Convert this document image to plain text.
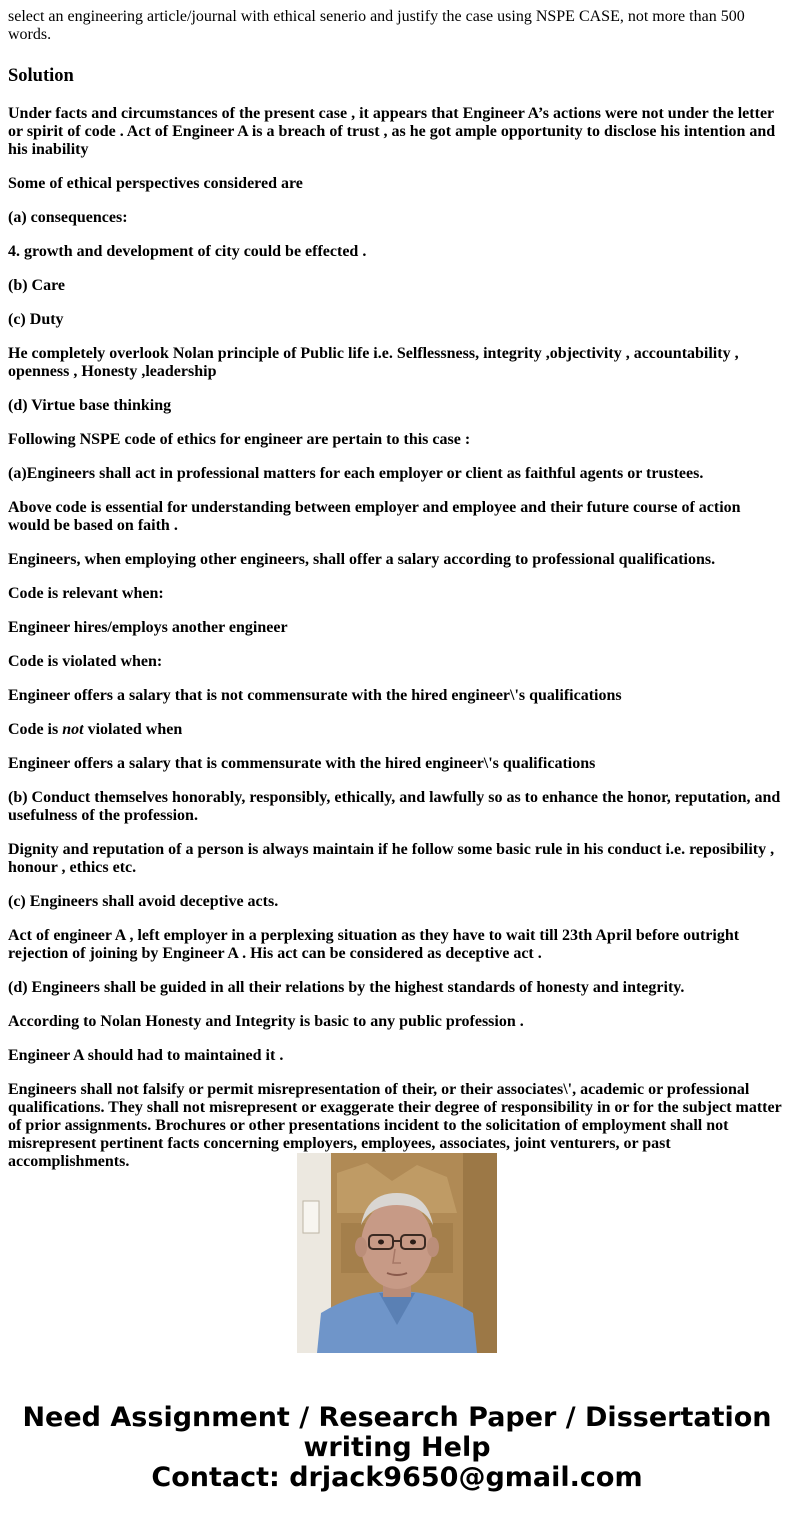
select an engineering article/journal with ethical senerio and justify the case using NSPE CASE, not more than 500 words.

Solution

Under facts and circumstances of the present case , it appears that Engineer A’s actions were not under the letter or spirit of code . Act of Engineer A is a breach of trust , as he got ample opportunity to disclose his intention and his inability

Some of ethical perspectives considered are

(a) consequences:

4. growth and development of city could be effected .

(b) Care

(c) Duty

He completely overlook Nolan principle of Public life i.e. Selflessness, integrity ,objectivity , accountability , openness , Honesty ,leadership

(d) Virtue base thinking

Following NSPE code of ethics for engineer are pertain to this case :

(a)Engineers shall act in professional matters for each employer or client as faithful agents or trustees.

Above code is essential for understanding between employer and employee and their future course of action would be based on faith .

Engineers, when employing other engineers, shall offer a salary according to professional qualifications.

Code is relevant when:

Engineer hires/employs another engineer

Code is violated when:

Engineer offers a salary that is not commensurate with the hired engineer\'s qualifications

Code is not violated when

Engineer offers a salary that is commensurate with the hired engineer\'s qualifications

(b) Conduct themselves honorably, responsibly, ethically, and lawfully so as to enhance the honor, reputation, and usefulness of the profession.

Dignity and reputation of a person is always maintain if he follow some basic rule in his conduct i.e. reposibility , honour , ethics etc.

(c) Engineers shall avoid deceptive acts.

Act of engineer A , left employer in a perplexing situation as they have to wait till 23th April before outright rejection of joining by Engineer A . His act can be considered as deceptive act .

(d) Engineers shall be guided in all their relations by the highest standards of honesty and integrity.

According to Nolan Honesty and Integrity is basic to any public profession .

Engineer A should had to maintained it .

Engineers shall not falsify or permit misrepresentation of their, or their associates\', academic or professional qualifications. They shall not misrepresent or exaggerate their degree of responsibility in or for the subject matter of prior assignments. Brochures or other presentations incident to the solicitation of employment shall not misrepresent pertinent facts concerning employers, employees, associates, joint venturers, or past accomplishments.

Need Assignment / Research Paper / Dissertation
writing Help
Contact: drjack9650@gmail.com
